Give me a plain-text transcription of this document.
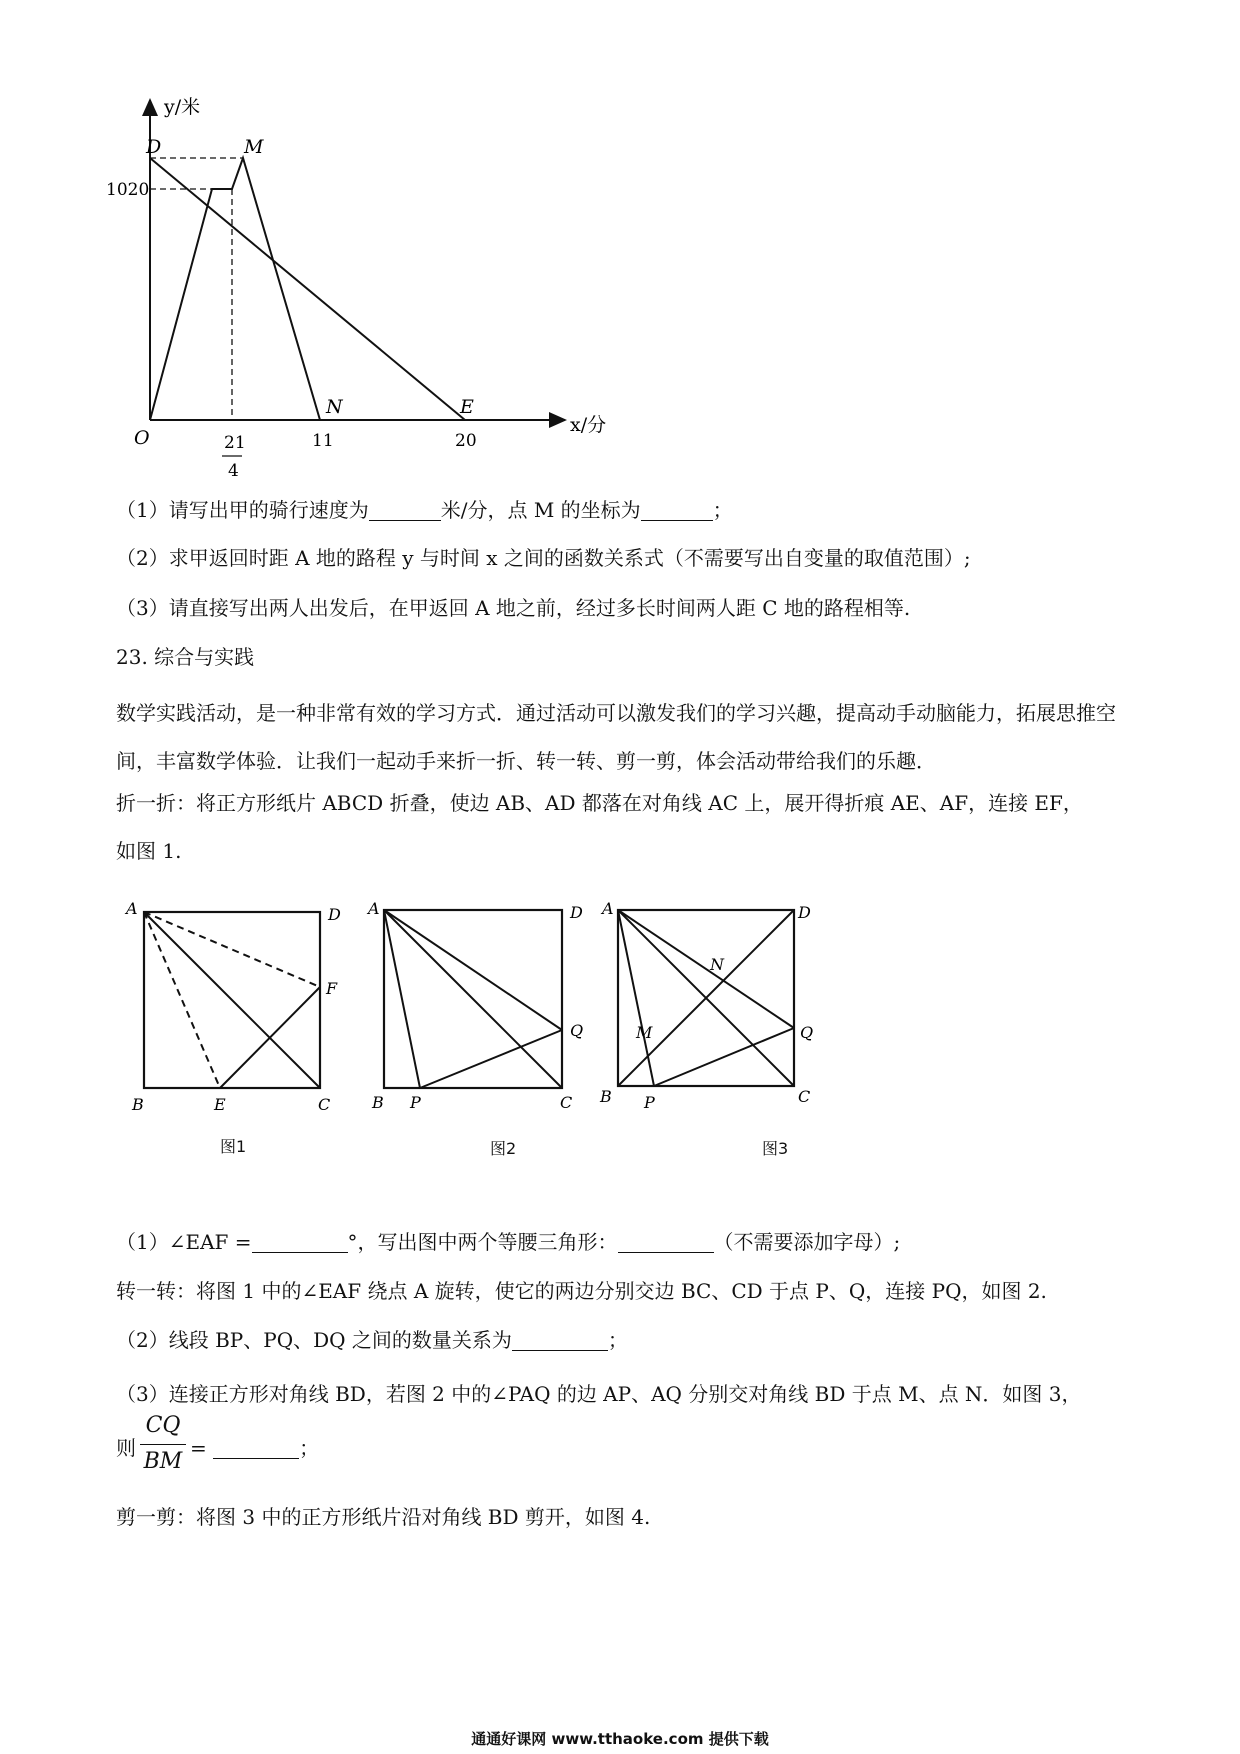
y/米
x/分
O
D	M
N	E
1020
21
4
11	20
（1）请写出甲的骑行速度为	米/分，点 M 的坐标为	；
（2）求甲返回时距 A 地的路程 y 与时间 x 之间的函数关系式（不需要写出自变量的取值范围）;
（3）请直接写出两人出发后，在甲返回 A 地之前，经过多长时间两人距 C 地的路程相等.
23. 综合与实践
数学实践活动，是一种非常有效的学习方式．通过活动可以激发我们的学习兴趣，提高动手动脑能力，拓展思推空间，丰富数学体验．让我们一起动手来折一折、转一转、剪一剪，体会活动带给我们的乐趣．
折一折：将正方形纸片 ABCD 折叠，使边 AB、AD 都落在对角线 AC 上，展开得折痕 AE、AF，连接 EF，
如图 1.
A	D
F
B	E	C
A	D
Q
B P	C
A	D
N
M	Q
B P	C
图1	图2	图3
（1）∠EAF =	°，写出图中两个等腰三角形：	（不需要添加字母）;
转一转：将图 1 中的∠EAF 绕点 A 旋转，使它的两边分别交边 BC、CD 于点 P、Q，连接 PQ，如图 2.
（2）线段 BP、PQ、DQ 之间的数量关系为	；
（3）连接正方形对角线 BD，若图 2 中的∠PAQ 的边 AP、AQ 分别交对角线 BD 于点 M、点 N．如图 3，
则
CQ
BM
=	；
剪一剪：将图 3 中的正方形纸片沿对角线 BD 剪开，如图 4.
通通好课网 www.tthaoke.com 提供下载
